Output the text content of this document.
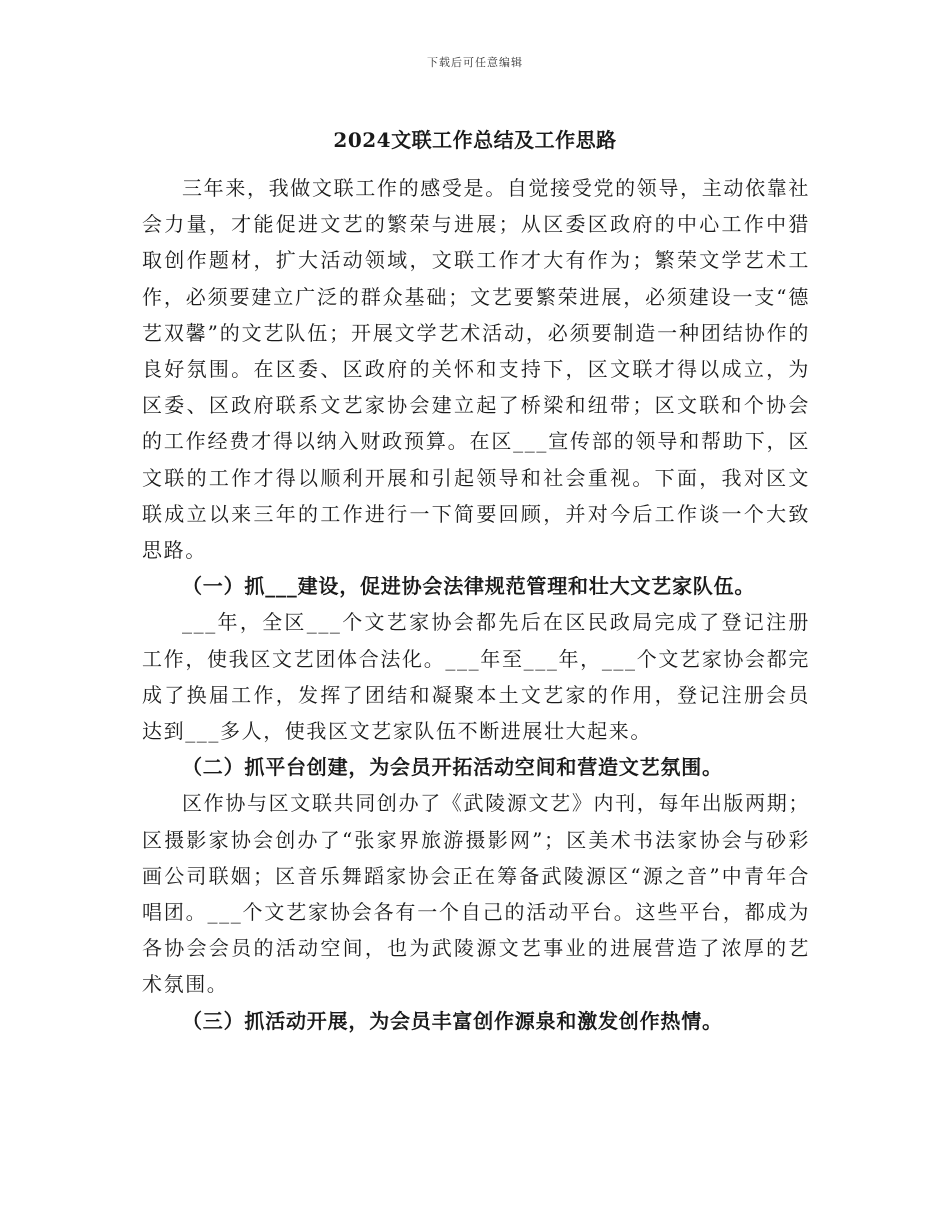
下载后可任意编辑
2024文联工作总结及工作思路

三年来，我做文联工作的感受是。自觉接受党的领导，主动依靠社会力量，才能促进文艺的繁荣与进展；从区委区政府的中心工作中猎取创作题材，扩大活动领域，文联工作才大有作为；繁荣文学艺术工作，必须要建立广泛的群众基础；文艺要繁荣进展，必须建设一支“德艺双馨”的文艺队伍；开展文学艺术活动，必须要制造一种团结协作的良好氛围。在区委、区政府的关怀和支持下，区文联才得以成立，为区委、区政府联系文艺家协会建立起了桥梁和纽带；区文联和个协会的工作经费才得以纳入财政预算。在区___宣传部的领导和帮助下，区文联的工作才得以顺利开展和引起领导和社会重视。下面，我对区文联成立以来三年的工作进行一下简要回顾，并对今后工作谈一个大致思路。

（一）抓___建设，促进协会法律规范管理和壮大文艺家队伍。

___年，全区___个文艺家协会都先后在区民政局完成了登记注册工作，使我区文艺团体合法化。___年至___年，___个文艺家协会都完成了换届工作，发挥了团结和凝聚本土文艺家的作用，登记注册会员达到___多人，使我区文艺家队伍不断进展壮大起来。

（二）抓平台创建，为会员开拓活动空间和营造文艺氛围。

区作协与区文联共同创办了《武陵源文艺》内刊，每年出版两期；区摄影家协会创办了“张家界旅游摄影网”；区美术书法家协会与砂彩画公司联姻；区音乐舞蹈家协会正在筹备武陵源区“源之音”中青年合唱团。___个文艺家协会各有一个自己的活动平台。这些平台，都成为各协会会员的活动空间，也为武陵源文艺事业的进展营造了浓厚的艺术氛围。

（三）抓活动开展，为会员丰富创作源泉和激发创作热情。
